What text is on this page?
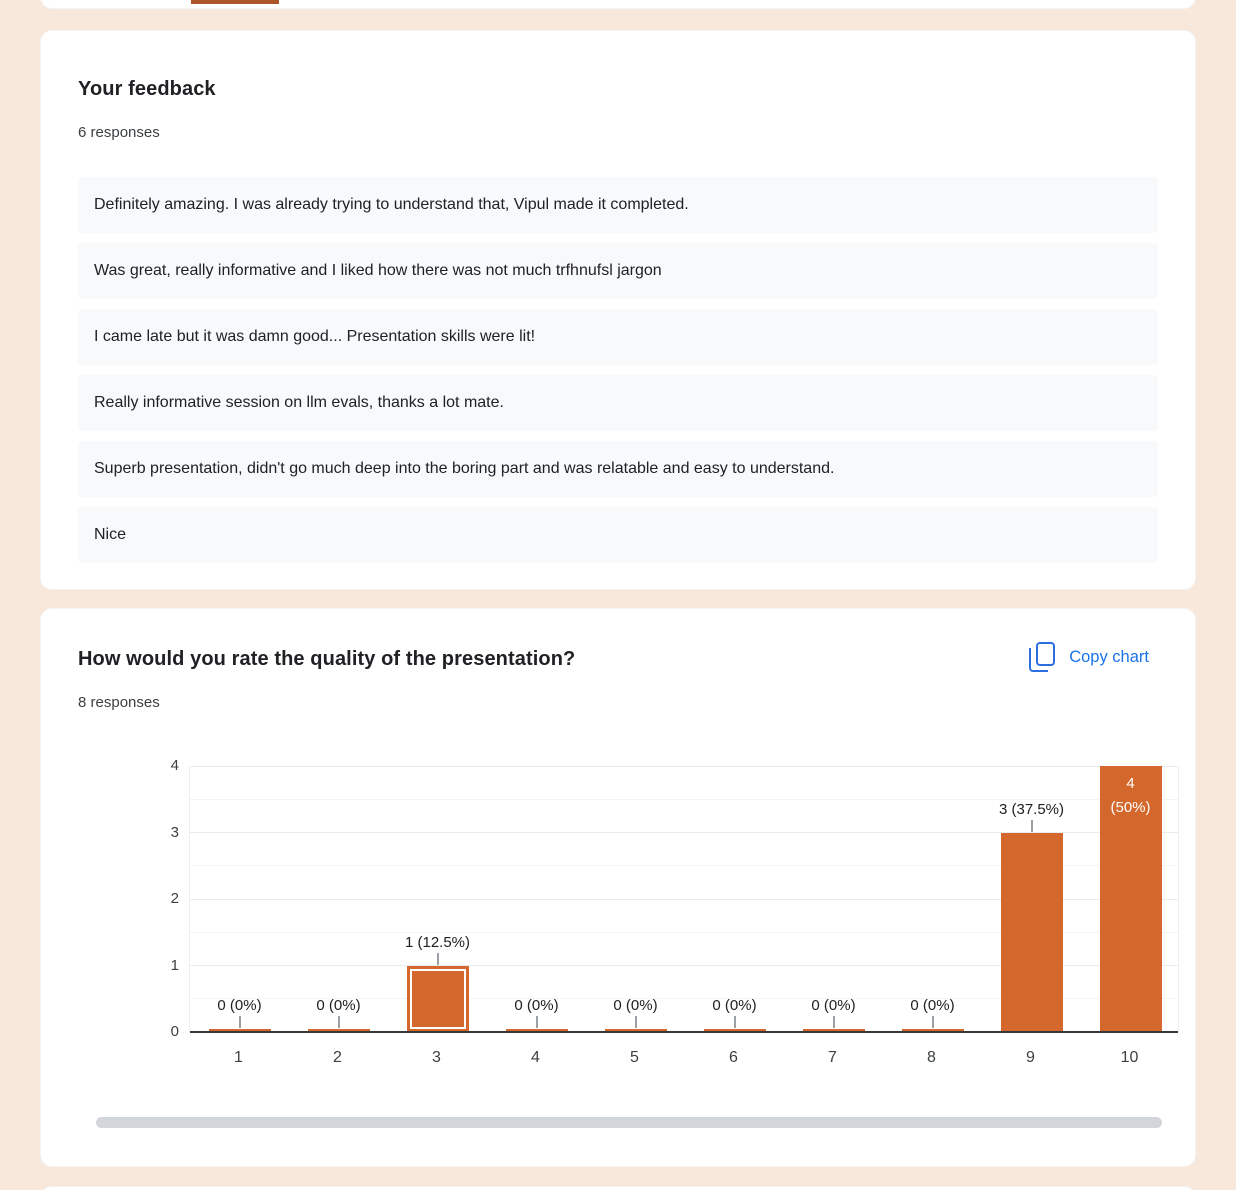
Your feedback
6 responses
Definitely amazing. I was already trying to understand that, Vipul made it completed.
Was great, really informative and I liked how there was not much trfhnufsl jargon
I came late but it was damn good... Presentation skills were lit!
Really informative session on llm evals, thanks a lot mate.
Superb presentation, didn't go much deep into the boring part and was relatable and easy to understand.
Nice
How would you rate the quality of the presentation?
8 responses
Copy chart
0 (0%)	0 (0%)
1 (12.5%)
0 (0%)	0 (0%)	0 (0%)	0 (0%)	0 (0%)
3 (37.5%)
4
(50%)
0
1
2
3
4
1	2	3	4	5	6	7	8	9	10
